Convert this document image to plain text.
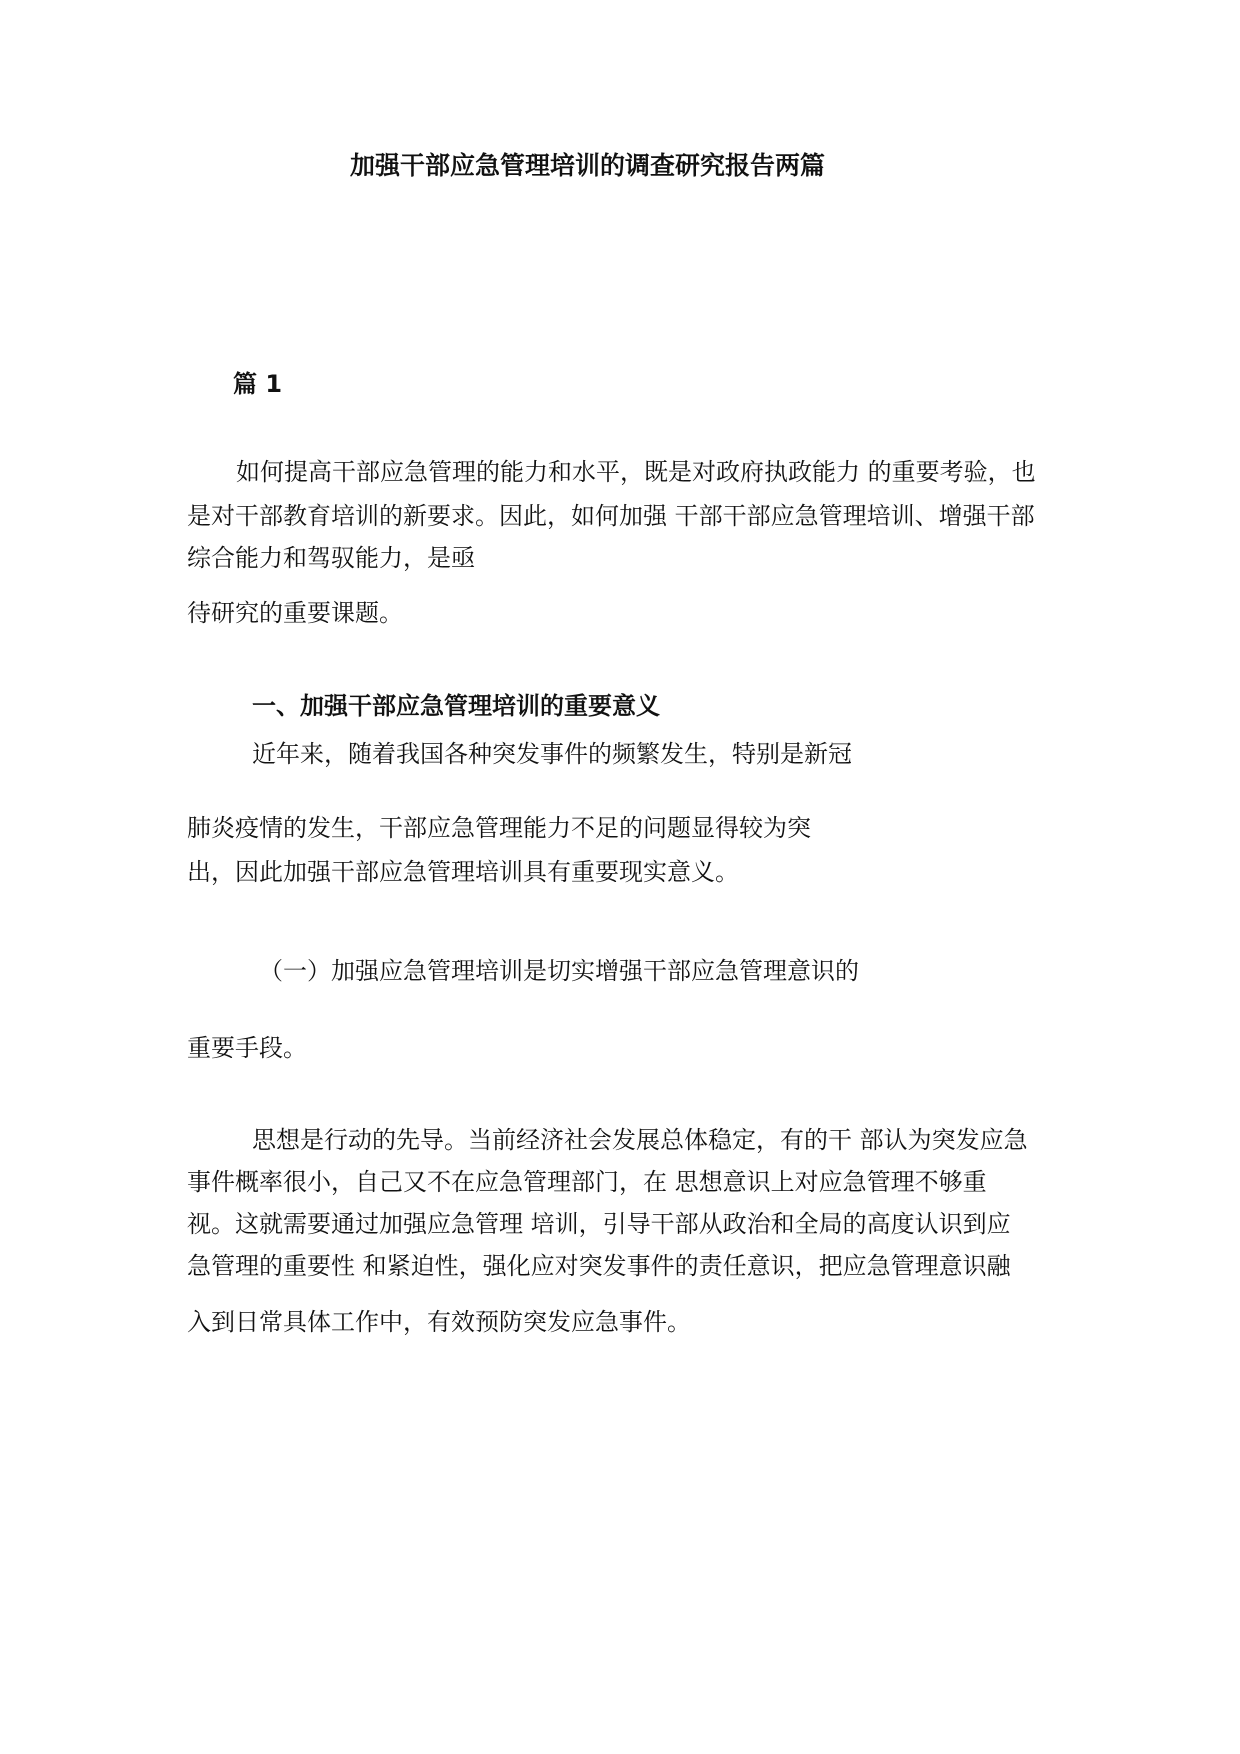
加强干部应急管理培训的调查研究报告两篇
篇 1
如何提高干部应急管理的能力和水平，既是对政府执政能力 的重要考验，也
是对干部教育培训的新要求。因此，如何加强 干部干部应急管理培训、增强干部
综合能力和驾驭能力，是亟
待研究的重要课题。
一、加强干部应急管理培训的重要意义
近年来，随着我国各种突发事件的频繁发生，特别是新冠
肺炎疫情的发生，干部应急管理能力不足的问题显得较为突
出，因此加强干部应急管理培训具有重要现实意义。
（一）加强应急管理培训是切实增强干部应急管理意识的
重要手段。
思想是行动的先导。当前经济社会发展总体稳定，有的干 部认为突发应急
事件概率很小，自己又不在应急管理部门，在 思想意识上对应急管理不够重
视。这就需要通过加强应急管理 培训，引导干部从政治和全局的高度认识到应
急管理的重要性 和紧迫性，强化应对突发事件的责任意识，把应急管理意识融
入到日常具体工作中，有效预防突发应急事件。
